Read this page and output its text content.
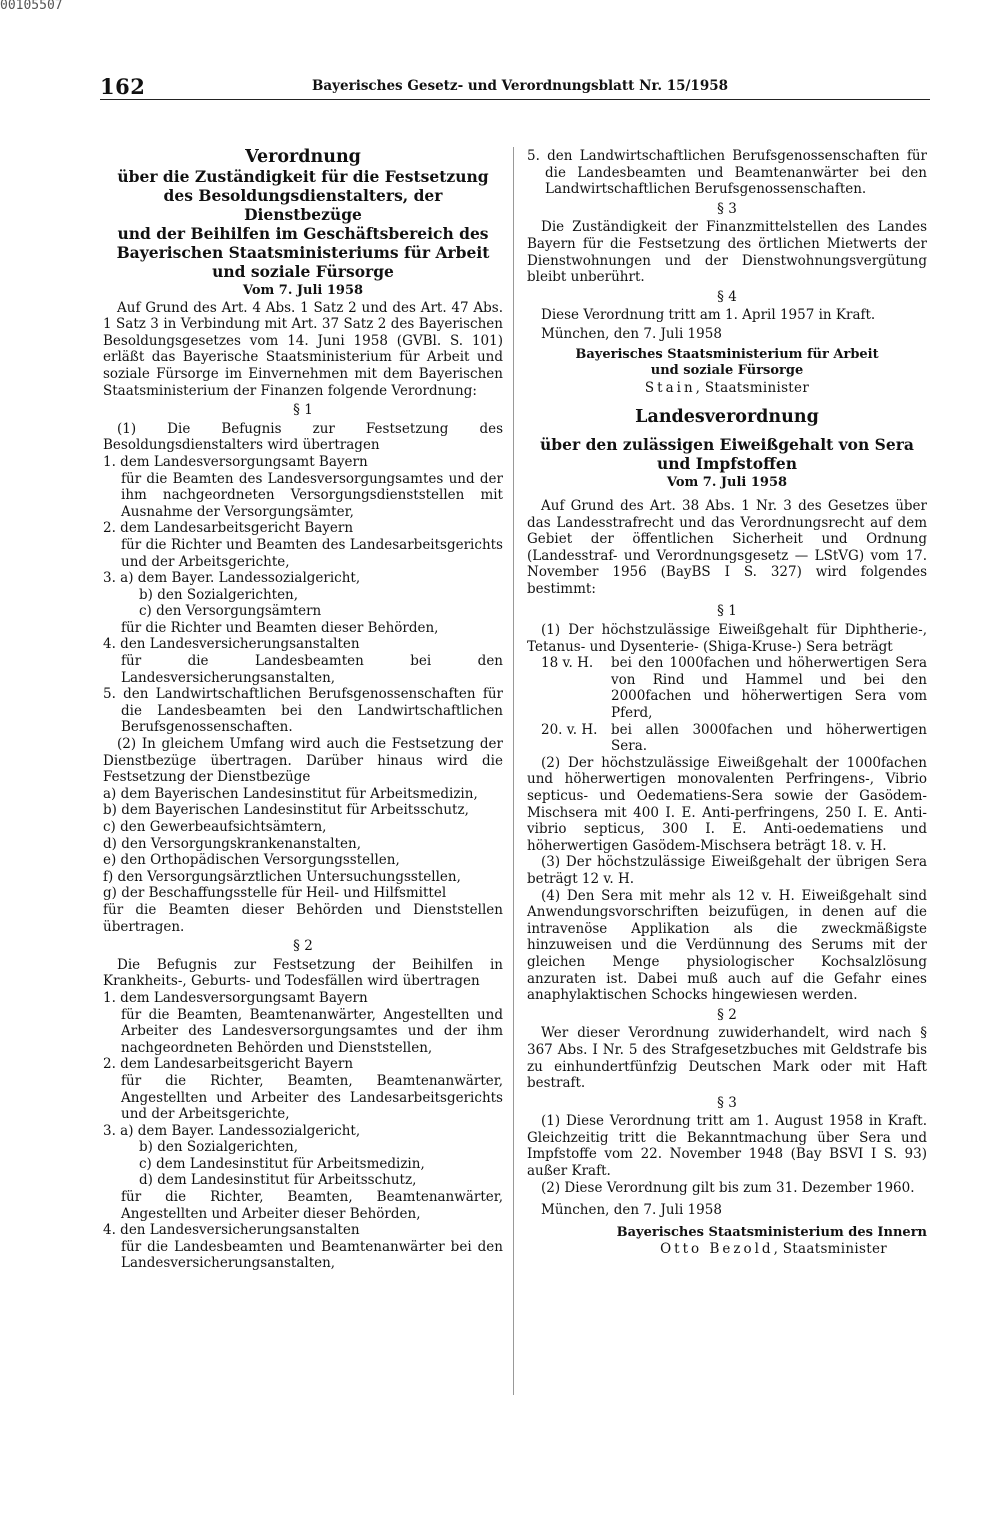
00105507
162	Bayerisches Gesetz- und Verordnungsblatt Nr. 15/1958

Verordnung

über die Zuständigkeit für die Festsetzung

des Besoldungsdienstalters, der Dienstbezüge

und der Beihilfen im Geschäftsbereich des

Bayerischen Staatsministeriums für Arbeit

und soziale Fürsorge

Vom 7. Juli 1958

Auf Grund des Art. 4 Abs. 1 Satz 2 und des Art. 47 Abs. 1 Satz 3 in Verbindung mit Art. 37 Satz 2 des Bayerischen Besoldungsgesetzes vom 14. Juni 1958 (GVBl. S. 101) erläßt das Bayerische Staatsministerium für Arbeit und soziale Fürsorge im Einvernehmen mit dem Bayerischen Staatsministerium der Finanzen folgende Verordnung:

§ 1

(1) Die Befugnis zur Festsetzung des Besoldungsdienstalters wird übertragen

1. dem Landesversorgungsamt Bayern

für die Beamten des Landesversorgungsamtes und der ihm nachgeordneten Versorgungsdienststellen mit Ausnahme der Versorgungsämter,

2. dem Landesarbeitsgericht Bayern

für die Richter und Beamten des Landesarbeitsgerichts und der Arbeitsgerichte,

3. a) dem Bayer. Landessozialgericht,

b) den Sozialgerichten,

c) den Versorgungsämtern

für die Richter und Beamten dieser Behörden,

4. den Landesversicherungsanstalten

für die Landesbeamten bei den Landesversicherungsanstalten,

5. den Landwirtschaftlichen Berufsgenossenschaften für die Landesbeamten bei den Landwirtschaftlichen Berufsgenossenschaften.

(2) In gleichem Umfang wird auch die Festsetzung der Dienstbezüge übertragen. Darüber hinaus wird die Festsetzung der Dienstbezüge

a) dem Bayerischen Landesinstitut für Arbeitsmedizin,

b) dem Bayerischen Landesinstitut für Arbeitsschutz,

c) den Gewerbeaufsichtsämtern,

d) den Versorgungskrankenanstalten,

e) den Orthopädischen Versorgungsstellen,

f) den Versorgungsärztlichen Untersuchungsstellen,

g) der Beschaffungsstelle für Heil- und Hilfsmittel

für die Beamten dieser Behörden und Dienststellen übertragen.

§ 2

Die Befugnis zur Festsetzung der Beihilfen in Krankheits-, Geburts- und Todesfällen wird übertragen

1. dem Landesversorgungsamt Bayern

für die Beamten, Beamtenanwärter, Angestellten und Arbeiter des Landesversorgungsamtes und der ihm nachgeordneten Behörden und Dienststellen,

2. dem Landesarbeitsgericht Bayern

für die Richter, Beamten, Beamtenanwärter, Angestellten und Arbeiter des Landesarbeitsgerichts und der Arbeitsgerichte,

3. a) dem Bayer. Landessozialgericht,

b) den Sozialgerichten,

c) dem Landesinstitut für Arbeitsmedizin,

d) dem Landesinstitut für Arbeitsschutz,

für die Richter, Beamten, Beamtenanwärter, Angestellten und Arbeiter dieser Behörden,

4. den Landesversicherungsanstalten

für die Landesbeamten und Beamtenanwärter bei den Landesversicherungsanstalten,

5. den Landwirtschaftlichen Berufsgenossenschaften für die Landesbeamten und Beamtenanwärter bei den Landwirtschaftlichen Berufsgenossenschaften.

§ 3

Die Zuständigkeit der Finanzmittelstellen des Landes Bayern für die Festsetzung des örtlichen Mietwerts der Dienstwohnungen und der Dienstwohnungsvergütung bleibt unberührt.

§ 4

Diese Verordnung tritt am 1. April 1957 in Kraft.

München, den 7. Juli 1958

Bayerisches Staatsministerium für Arbeit

und soziale Fürsorge

Stain, Staatsminister

Landesverordnung

über den zulässigen Eiweißgehalt von Sera

und Impfstoffen

Vom 7. Juli 1958

Auf Grund des Art. 38 Abs. 1 Nr. 3 des Gesetzes über das Landesstrafrecht und das Verordnungsrecht auf dem Gebiet der öffentlichen Sicherheit und Ordnung (Landesstraf- und Verordnungsgesetz — LStVG) vom 17. November 1956 (BayBS I S. 327) wird folgendes bestimmt:

§ 1

(1) Der höchstzulässige Eiweißgehalt für Diphtherie-, Tetanus- und Dysenterie- (Shiga-Kruse-) Sera beträgt

18 v. H.	bei den 1000fachen und höherwertigen Sera von Rind und Hammel und bei den 2000fachen und höherwertigen Sera vom Pferd,
20. v. H.	bei allen 3000fachen und höherwertigen Sera.

(2) Der höchstzulässige Eiweißgehalt der 1000fachen und höherwertigen monovalenten Perfringens-, Vibrio septicus- und Oedematiens-Sera sowie der Gasödem-Mischsera mit 400 I. E. Anti-perfringens, 250 I. E. Anti-vibrio septicus, 300 I. E. Anti-oedematiens und höherwertigen Gasödem-Mischsera beträgt 18. v. H.

(3) Der höchstzulässige Eiweißgehalt der übrigen Sera beträgt 12 v. H.

(4) Den Sera mit mehr als 12 v. H. Eiweißgehalt sind Anwendungsvorschriften beizufügen, in denen auf die intravenöse Applikation als die zweckmäßigste hinzuweisen und die Verdünnung des Serums mit der gleichen Menge physiologischer Kochsalzlösung anzuraten ist. Dabei muß auch auf die Gefahr eines anaphylaktischen Schocks hingewiesen werden.

§ 2

Wer dieser Verordnung zuwiderhandelt, wird nach § 367 Abs. I Nr. 5 des Strafgesetzbuches mit Geldstrafe bis zu einhundertfünfzig Deutschen Mark oder mit Haft bestraft.

§ 3

(1) Diese Verordnung tritt am 1. August 1958 in Kraft. Gleichzeitig tritt die Bekanntmachung über Sera und Impfstoffe vom 22. November 1948 (Bay BSVI I S. 93) außer Kraft.

(2) Diese Verordnung gilt bis zum 31. Dezember 1960.

München, den 7. Juli 1958

Bayerisches Staatsministerium des Innern

Otto Bezold, Staatsminister
